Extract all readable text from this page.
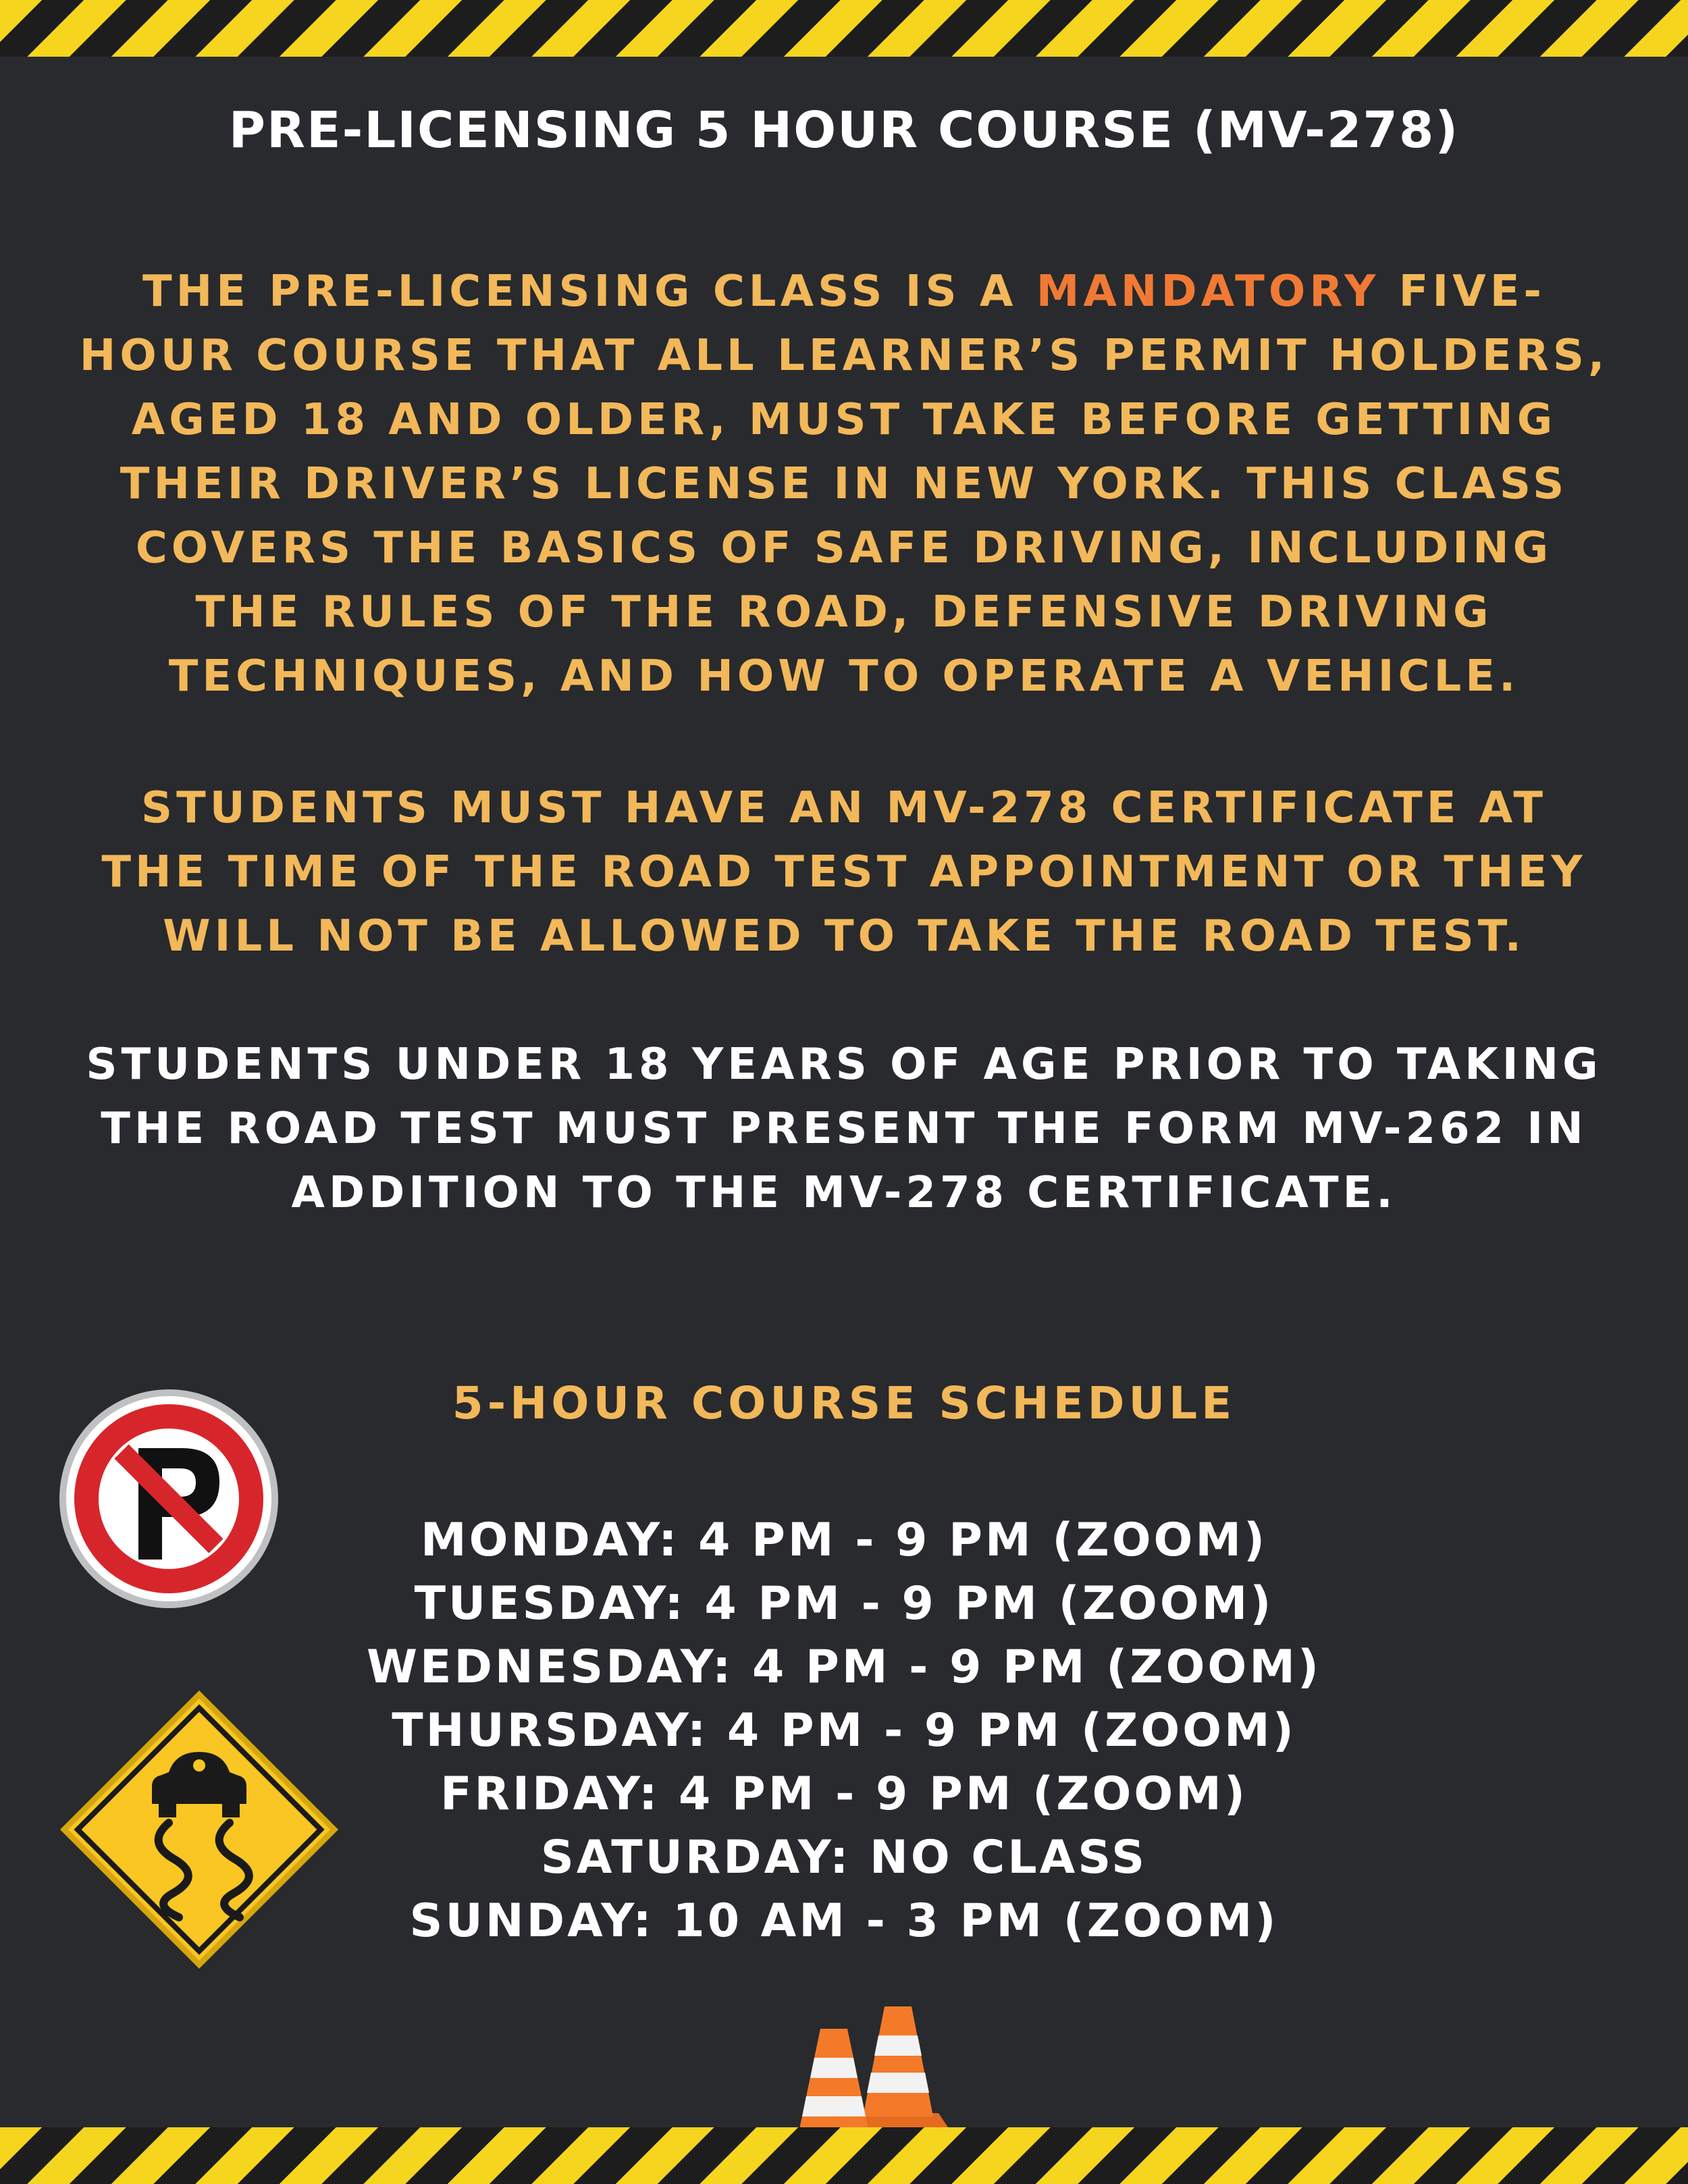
PRE-LICENSING 5 HOUR COURSE (MV-278)
THE PRE-LICENSING CLASS IS A MANDATORY FIVE-
HOUR COURSE THAT ALL LEARNER’S PERMIT HOLDERS,
AGED 18 AND OLDER, MUST TAKE BEFORE GETTING
THEIR DRIVER’S LICENSE IN NEW YORK. THIS CLASS
COVERS THE BASICS OF SAFE DRIVING, INCLUDING
THE RULES OF THE ROAD, DEFENSIVE DRIVING
TECHNIQUES, AND HOW TO OPERATE A VEHICLE.
STUDENTS MUST HAVE AN MV-278 CERTIFICATE AT
THE TIME OF THE ROAD TEST APPOINTMENT OR THEY
WILL NOT BE ALLOWED TO TAKE THE ROAD TEST.
STUDENTS UNDER 18 YEARS OF AGE PRIOR TO TAKING
THE ROAD TEST MUST PRESENT THE FORM MV-262 IN
ADDITION TO THE MV-278 CERTIFICATE.
5-HOUR COURSE SCHEDULE
MONDAY: 4 PM - 9 PM (ZOOM)
TUESDAY: 4 PM - 9 PM (ZOOM)
WEDNESDAY: 4 PM - 9 PM (ZOOM)
THURSDAY: 4 PM - 9 PM (ZOOM)
FRIDAY: 4 PM - 9 PM (ZOOM)
SATURDAY: NO CLASS
SUNDAY: 10 AM - 3 PM (ZOOM)
